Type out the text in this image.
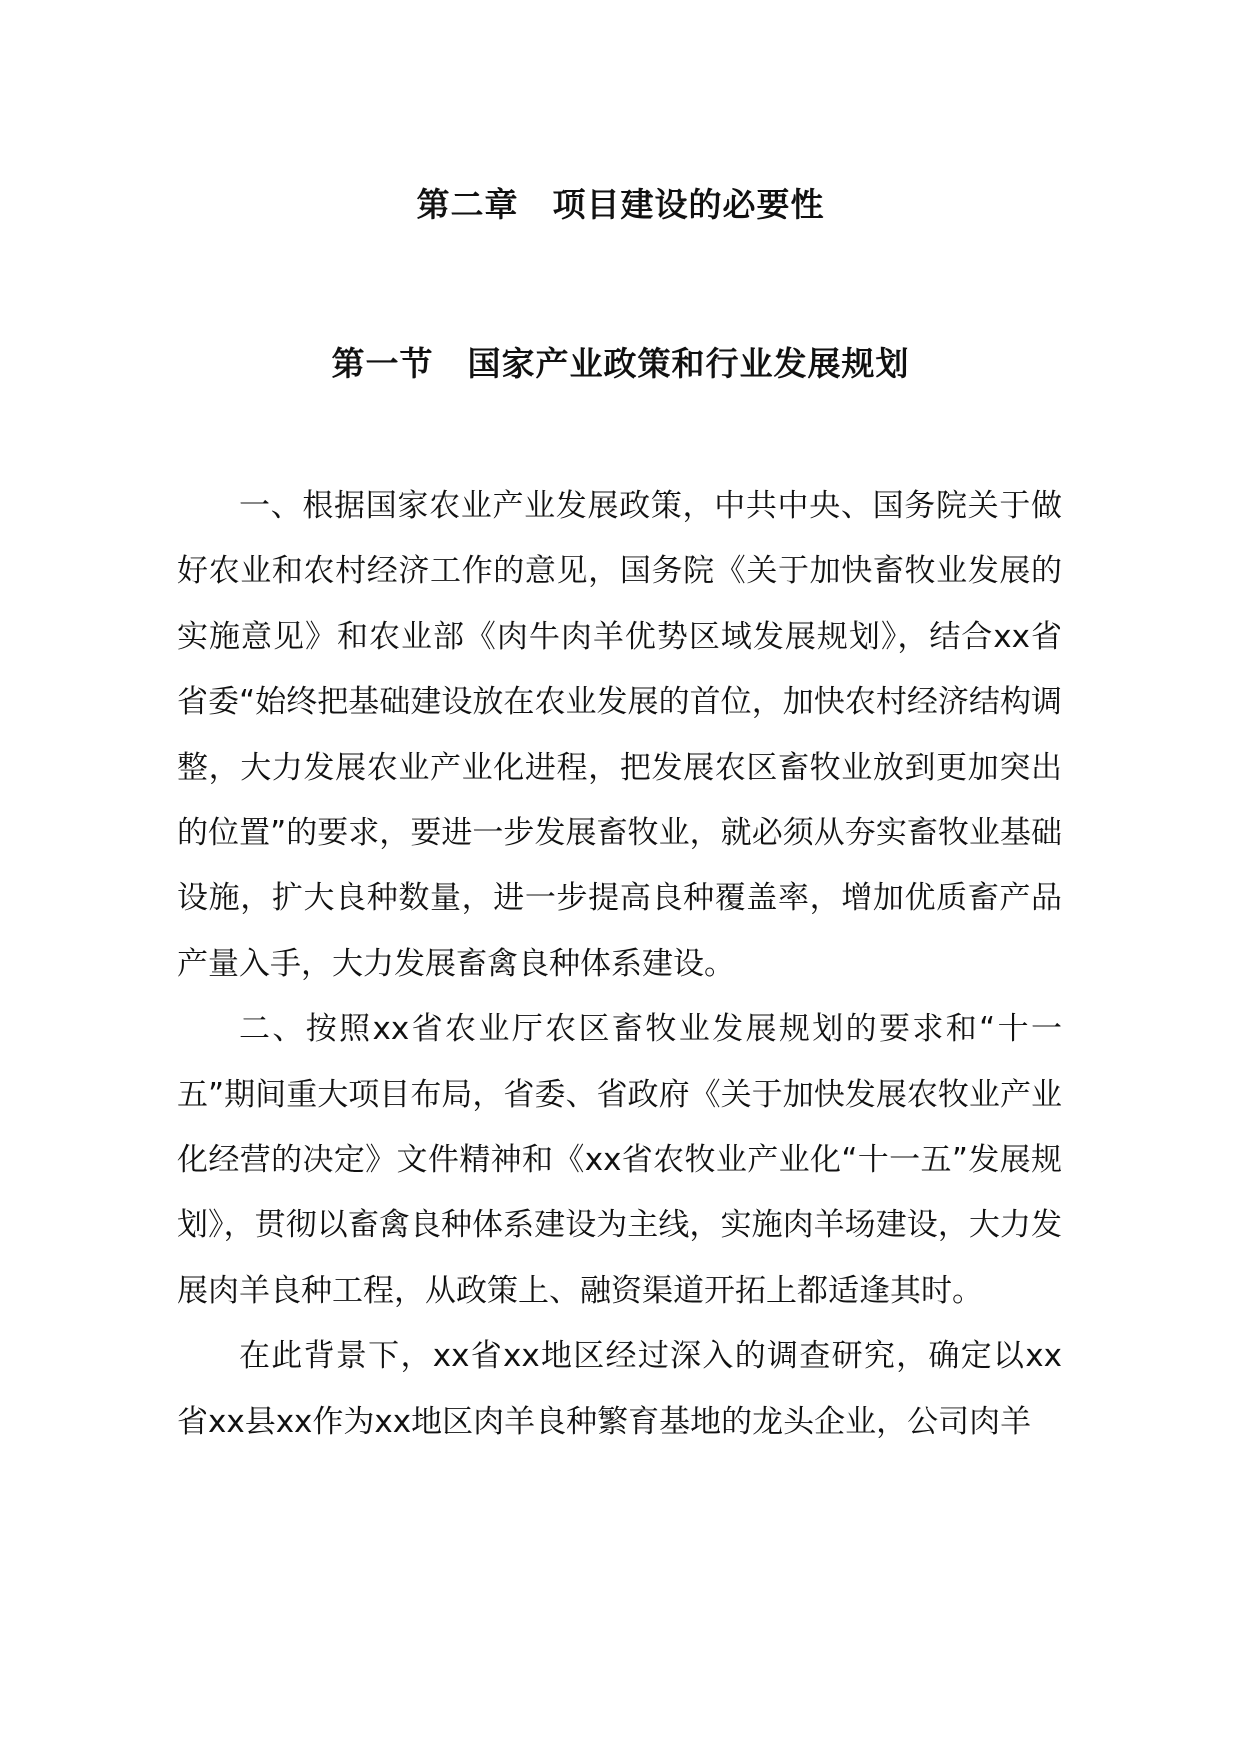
第二章　项目建设的必要性
第一节　国家产业政策和行业发展规划

一、根据国家农业产业发展政策，中共中央、国务院关于做好农业和农村经济工作的意见，国务院《关于加快畜牧业发展的实施意见》和农业部《肉牛肉羊优势区域发展规划》，结合xx省省委“始终把基础建设放在农业发展的首位，加快农村经济结构调整，大力发展农业产业化进程，把发展农区畜牧业放到更加突出的位置”的要求，要进一步发展畜牧业，就必须从夯实畜牧业基础设施，扩大良种数量，进一步提高良种覆盖率，增加优质畜产品产量入手，大力发展畜禽良种体系建设。

二、按照xx省农业厅农区畜牧业发展规划的要求和“十一五”期间重大项目布局，省委、省政府《关于加快发展农牧业产业化经营的决定》文件精神和《xx省农牧业产业化“十一五”发展规划》，贯彻以畜禽良种体系建设为主线，实施肉羊场建设，大力发展肉羊良种工程，从政策上、融资渠道开拓上都适逢其时。

在此背景下，xx省xx地区经过深入的调查研究，确定以xx省xx县xx作为xx地区肉羊良种繁育基地的龙头企业，公司肉羊
